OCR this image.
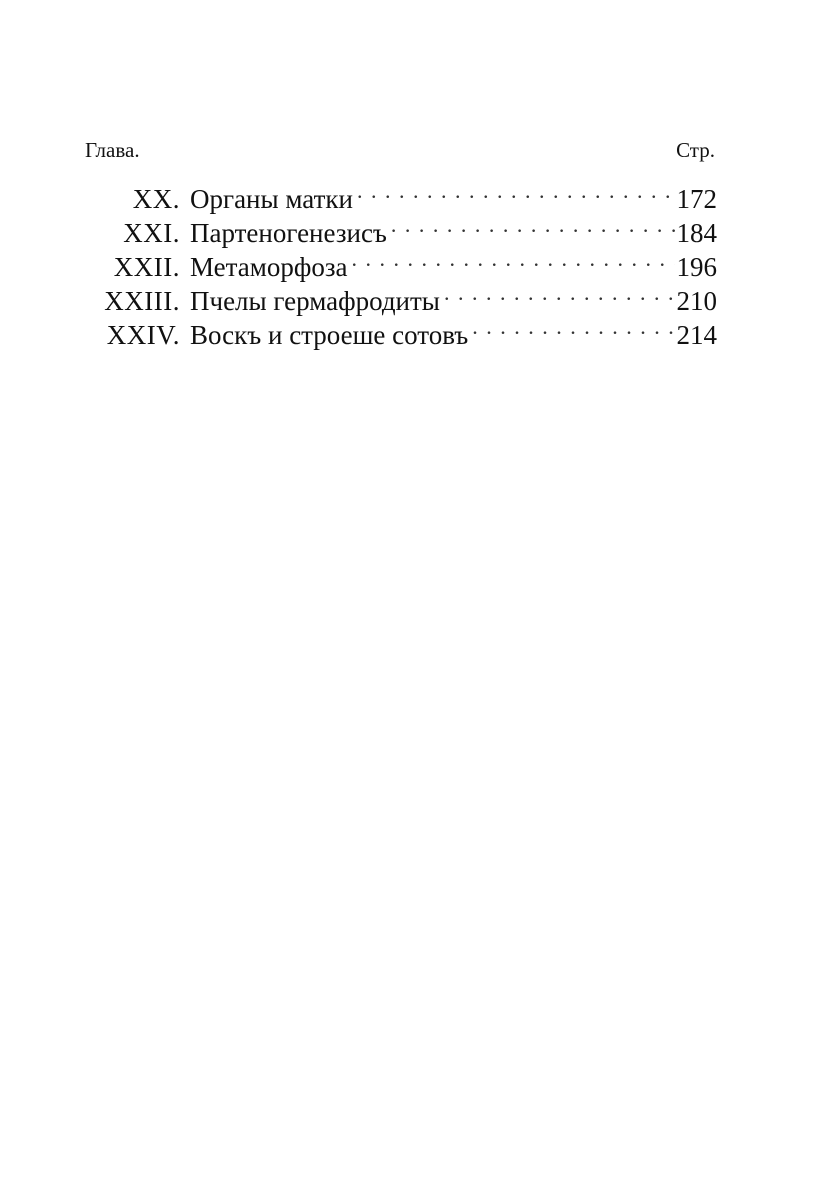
Глава.	Стр.
XX. Органы матки . . .	172
XXI. Партеногенезисъ . . .	184
XXII. Метаморфоза . . .	196
XXIII. Пчелы гермафродиты . . .	210
XXIV. Воскъ и строеше сотовъ . . .	214
